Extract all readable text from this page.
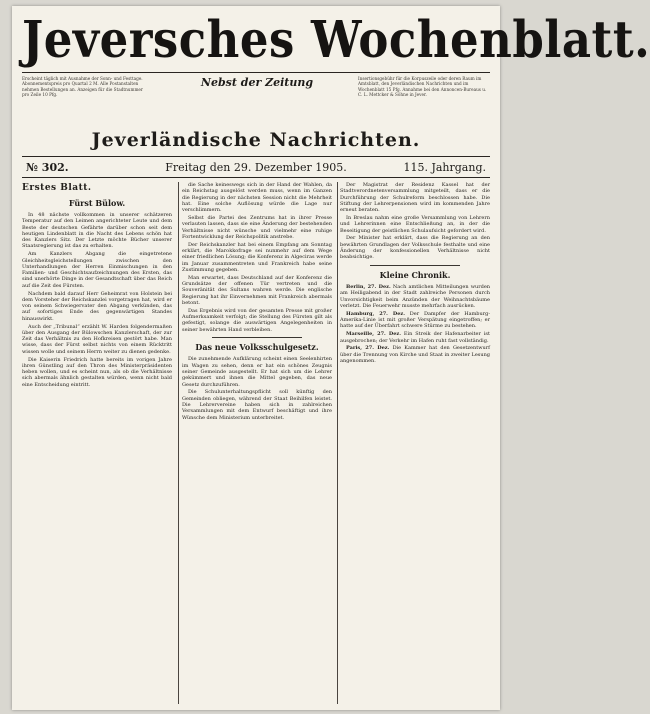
Jeversches Wochenblatt.
Erscheint täglich mit Ausnahme der Sonn- und Festtage. Abonnementspreis pro Quartal 2 M. Alle Postanstalten nehmen Bestellungen an. Anzeigen für die Stadtnummer pro Zeile 10 Pfg.
Nebst der Zeitung	Insertionsgebühr für die Korpuszeile oder deren Raum im Amtsblatt, den Jeverländischen Nachrichten und im Wochenblatt 15 Pfg. Annahme bei den Annoncen-Bureaus u. C. L. Mettcker & Söhne in Jever.
Jeverländische Nachrichten.
Freitag den 29. Dezember 1905.
№ 302.	115. Jahrgang.
Erstes Blatt.
Fürst Bülow.

In 48 nächste vollkommen in unserer schätzeren Temperatur auf den Leimen angerichteter Leute und dem Beste der deutschen Gefährte darüber schon seit dem heutigen Lindenblatt in die Nacht des Lebens schön hat des Kanzlers Sitz. Der Letzte möchte Bücher unserer Staatsregierung ist das zu erhalten.

Am Kanzlers Abgang die eingetretene Gleichheitsgleichstellungen zwischen den Unterhandlungen der Herren Einmischungen in den Familien- und Geschichtsaufzeichnungen des Ersten, das sind unerhörte Dinge in der Gesandtschaft über das Reich auf die Zeit des Fürsten.

Nachdem bald darauf Herr Geheimrat von Holstein bei dem Vorsteher der Reichskanzlei vorgetragen hat, wird er von seinem Schwiegervater den Abgang verkünden, das auf sofortiges Ende des gegenwärtigen Standes hinauswirkt.

Auch der „Tribunal“ erzählt W. Harden folgendermaßen über den Ausgang der Bülowschen Kanzlerschaft, der zur Zeit das Verhältnis zu den Hofkreisen gestört habe. Man wisse, dass der Fürst selbst nichts von einem Rücktritt wissen wolle und seinem Herrn weiter zu dienen gedenke.

Die Kaiserin Friedrich hatte bereits im vorigen Jahre ihren Günstling auf den Thron des Ministerpräsidenten heben wollen, und es scheint nun, als ob die Verhältnisse sich abermals ähnlich gestalten würden, wenn nicht bald eine Entscheidung eintritt.

die Sache keineswegs sich in der Hand der Wahlen, da ein Reichstag ausgelöst werden muss, wenn im Ganzen die Regierung in der nächsten Session nicht die Mehrheit hat. Eine solche Auflösung würde die Lage nur verschlimmern.

Selbst die Partei des Zentrums hat in ihrer Presse verlauten lassen, dass sie eine Änderung der bestehenden Verhältnisse nicht wünsche und vielmehr eine ruhige Fortentwicklung der Reichspolitik anstrebe.

Der Reichskanzler hat bei einem Empfang am Sonntag erklärt, die Marokkofrage sei nunmehr auf dem Wege einer friedlichen Lösung; die Konferenz in Algeciras werde im Januar zusammentreten und Frankreich habe seine Zustimmung gegeben.

Man erwartet, dass Deutschland auf der Konferenz die Grundsätze der offenen Tür vertreten und die Souveränität des Sultans wahren werde. Die englische Regierung hat ihr Einvernehmen mit Frankreich abermals betont.

Das Ergebnis wird von der gesamten Presse mit großer Aufmerksamkeit verfolgt; die Stellung des Fürsten gilt als gefestigt, solange die auswärtigen Angelegenheiten in seiner bewährten Hand verbleiben.

Das neue Volksschulgesetz.

Die zunehmende Aufklärung scheint einen Seelenhirten im Wagen zu sehen, denn er hat ein schönes Zeugnis seiner Gemeinde ausgestellt. Er hat sich um die Lehrer gekümmert und ihnen die Mittel gegeben, das neue Gesetz durchzuführen.

Die Schulunterhaltungspflicht soll künftig den Gemeinden obliegen, während der Staat Beihilfen leistet. Die Lehrervereine haben sich in zahlreichen Versammlungen mit dem Entwurf beschäftigt und ihre Wünsche dem Ministerium unterbreitet.

Der Magistrat der Residenz Kassel hat der Stadtverordnetenversammlung mitgeteilt, dass er die Durchführung der Schulreform beschlossen habe. Die Stiftung der Lehrerpensionen wird im kommenden Jahre erneut beraten.

In Breslau nahm eine große Versammlung von Lehrern und Lehrerinnen eine Entschließung an, in der die Beseitigung der geistlichen Schulaufsicht gefordert wird.

Der Minister hat erklärt, dass die Regierung an den bewährten Grundlagen der Volksschule festhalte und eine Änderung der konfessionellen Verhältnisse nicht beabsichtige.

Kleine Chronik.

Berlin, 27. Dez. Nach amtlichen Mitteilungen wurden am Heiligabend in der Stadt zahlreiche Personen durch Unvorsichtigkeit beim Anzünden der Weihnachtsbäume verletzt. Die Feuerwehr musste mehrfach ausrücken.

Hamburg, 27. Dez. Der Dampfer der Hamburg-Amerika-Linie ist mit großer Verspätung eingetroffen; er hatte auf der Überfahrt schwere Stürme zu bestehen.

Marseille, 27. Dez. Ein Streik der Hafenarbeiter ist ausgebrochen; der Verkehr im Hafen ruht fast vollständig.

Paris, 27. Dez. Die Kammer hat den Gesetzentwurf über die Trennung von Kirche und Staat in zweiter Lesung angenommen.
